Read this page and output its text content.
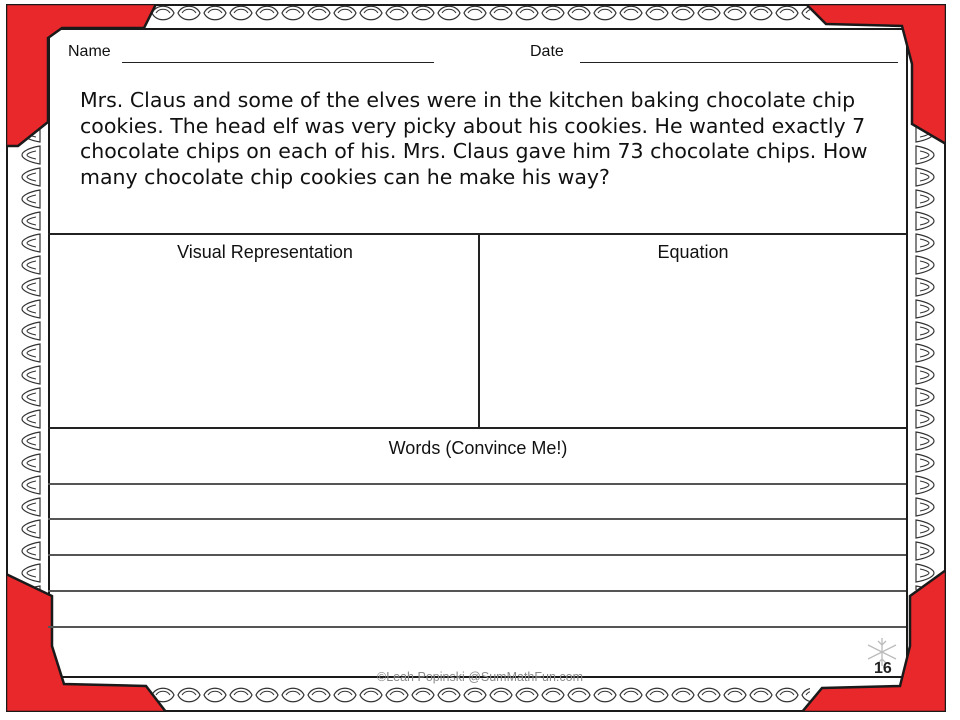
Name	Date
Mrs. Claus and some of the elves were in the kitchen baking chocolate chip cookies. The head elf was very picky about his cookies. He wanted exactly 7 chocolate chips on each of his. Mrs. Claus gave him 73 chocolate chips. How many chocolate chip cookies can he make his way?
Visual Representation	Equation
Words (Convince Me!)
©Leah Popinski @SumMathFun.com	16
